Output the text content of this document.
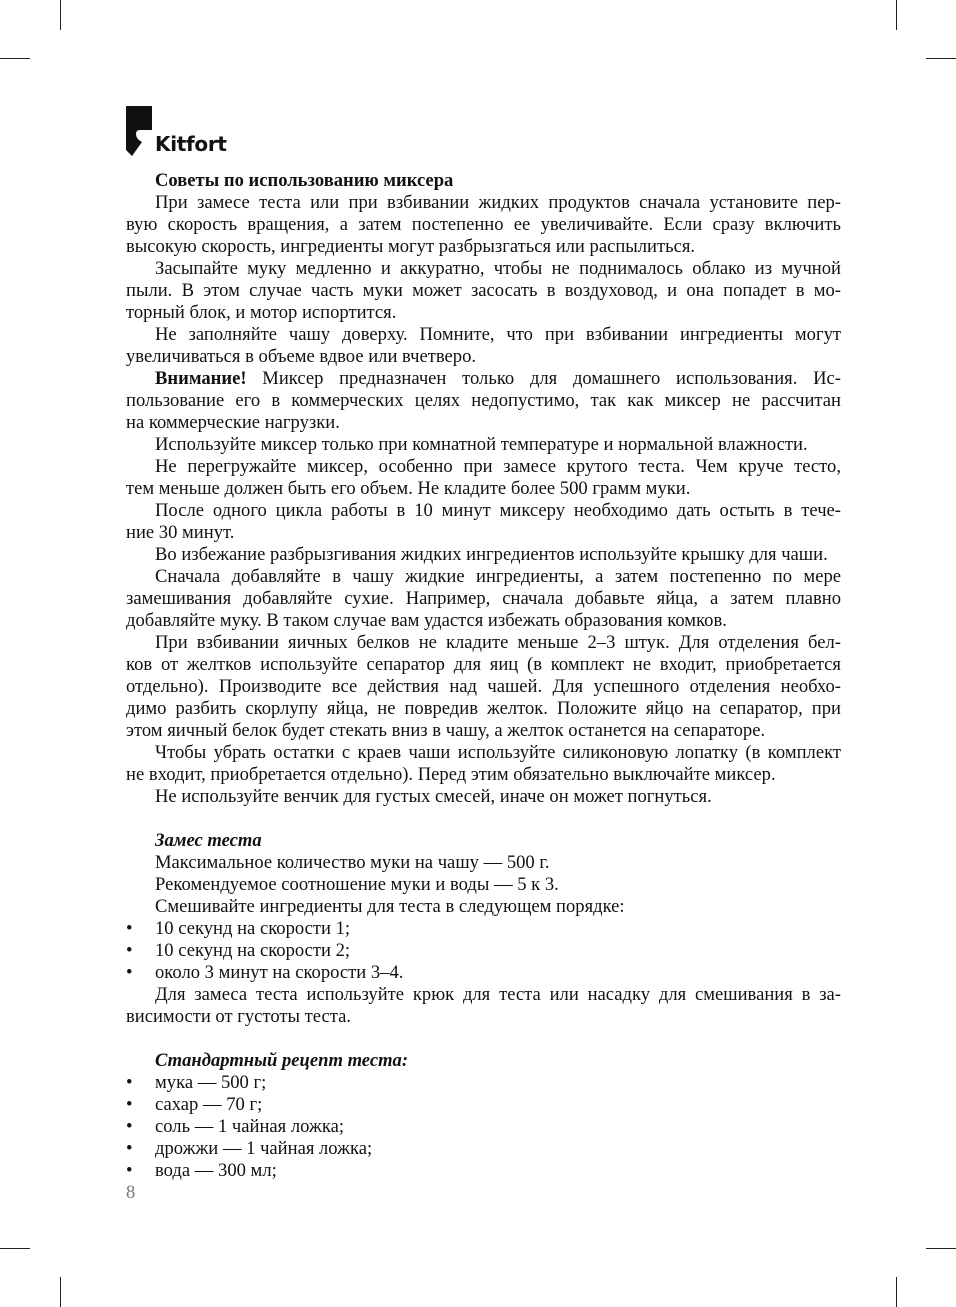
Kitfort
Советы по использованию миксера
При замесе теста или при взбивании жидких продуктов сначала установите пер-
вую скорость вращения, а затем постепенно ее увеличивайте. Если сразу включить
высокую скорость, ингредиенты могут разбрызгаться или распылиться.
Засыпайте муку медленно и аккуратно, чтобы не поднималось облако из мучной
пыли. В этом случае часть муки может засосать в воздуховод, и она попадет в мо-
торный блок, и мотор испортится.
Не заполняйте чашу доверху. Помните, что при взбивании ингредиенты могут
увеличиваться в объеме вдвое или вчетверо.
Внимание! Миксер предназначен только для домашнего использования. Ис-
пользование его в коммерческих целях недопустимо, так как миксер не рассчитан
на коммерческие нагрузки.
Используйте миксер только при комнатной температуре и нормальной влажности.
Не перегружайте миксер, особенно при замесе крутого теста. Чем круче тесто,
тем меньше должен быть его объем. Не кладите более 500 грамм муки.
После одного цикла работы в 10 минут миксеру необходимо дать остыть в тече-
ние 30 минут.
Во избежание разбрызгивания жидких ингредиентов используйте крышку для чаши.
Сначала добавляйте в чашу жидкие ингредиенты, а затем постепенно по мере
замешивания добавляйте сухие. Например, сначала добавьте яйца, а затем плавно
добавляйте муку. В таком случае вам удастся избежать образования комков.
При взбивании яичных белков не кладите меньше 2–3 штук. Для отделения бел-
ков от желтков используйте сепаратор для яиц (в комплект не входит, приобретается
отдельно). Производите все действия над чашей. Для успешного отделения необхо-
димо разбить скорлупу яйца, не повредив желток. Положите яйцо на сепаратор, при
этом яичный белок будет стекать вниз в чашу, а желток останется на сепараторе.
Чтобы убрать остатки с краев чаши используйте силиконовую лопатку (в комплект
не входит, приобретается отдельно). Перед этим обязательно выключайте миксер.
Не используйте венчик для густых смесей, иначе он может погнуться.

Замес теста
Максимальное количество муки на чашу — 500 г.
Рекомендуемое соотношение муки и воды — 5 к 3.
Смешивайте ингредиенты для теста в следующем порядке:
• 10 секунд на скорости 1;
• 10 секунд на скорости 2;
• около 3 минут на скорости 3–4.
Для замеса теста используйте крюк для теста или насадку для смешивания в за-
висимости от густоты теста.

Стандартный рецепт теста:
• мука — 500 г;
• сахар — 70 г;
• соль — 1 чайная ложка;
• дрожжи — 1 чайная ложка;
• вода — 300 мл;
8
